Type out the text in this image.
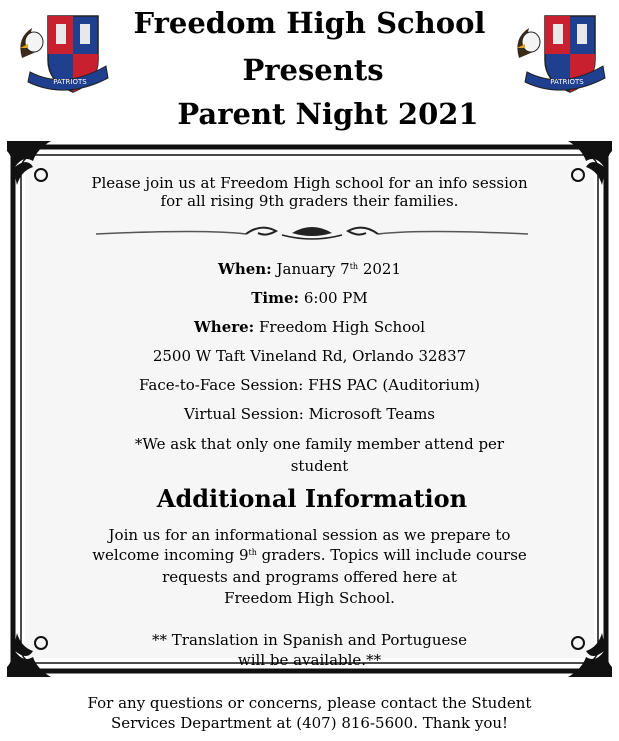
PATRIOTS	PATRIOTS
Freedom High School
Presents
Parent Night 2021
Please join us at Freedom High school for an info session
for all rising 9th graders their families.
When: January 7th 2021
Time: 6:00 PM
Where: Freedom High School
2500 W Taft Vineland Rd, Orlando 32837
Face-to-Face Session: FHS PAC (Auditorium)
Virtual Session: Microsoft Teams
*We ask that only one family member attend per
student
Additional Information
Join us for an informational session as we prepare to
welcome incoming 9th graders. Topics will include course
requests and programs offered here at
Freedom High School.
** Translation in Spanish and Portuguese
will be available.**
For any questions or concerns, please contact the Student
Services Department at (407) 816-5600. Thank you!
